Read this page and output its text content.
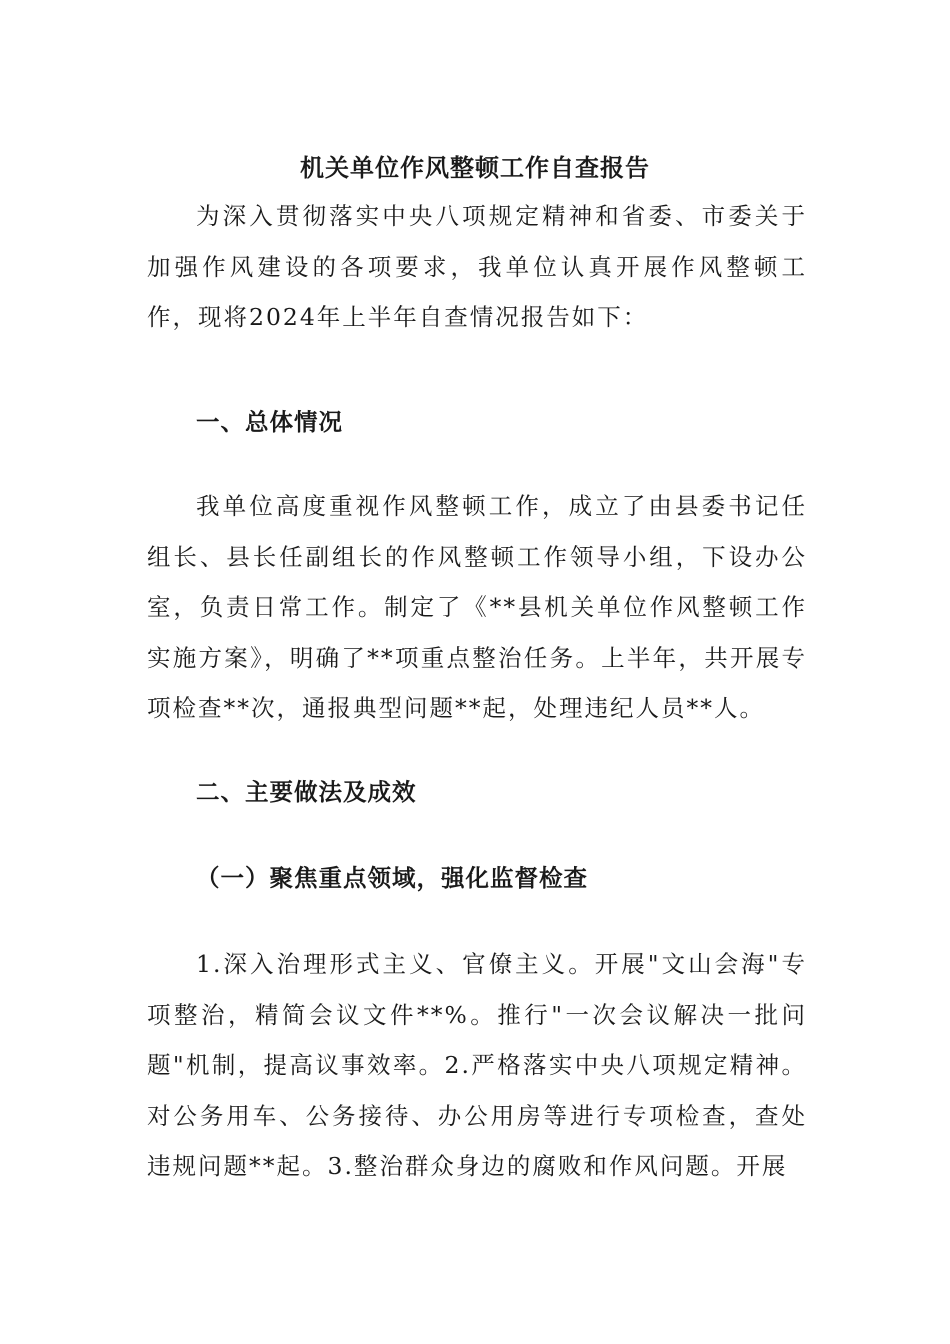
机关单位作风整顿工作自查报告

为深入贯彻落实中央八项规定精神和省委、市委关于加强作风建设的各项要求，我单位认真开展作风整顿工作，现将2024年上半年自查情况报告如下：

一、总体情况

我单位高度重视作风整顿工作，成立了由县委书记任组长、县长任副组长的作风整顿工作领导小组，下设办公室，负责日常工作。制定了《**县机关单位作风整顿工作实施方案》，明确了**项重点整治任务。上半年，共开展专项检查**次，通报典型问题**起，处理违纪人员**人。

二、主要做法及成效
（一）聚焦重点领域，强化监督检查

1.深入治理形式主义、官僚主义。开展"文山会海"专项整治，精简会议文件**%。推行"一次会议解决一批问题"机制，提高议事效率。2.严格落实中央八项规定精神。对公务用车、公务接待、办公用房等进行专项检查，查处违规问题**起。3.整治群众身边的腐败和作风问题。开展
